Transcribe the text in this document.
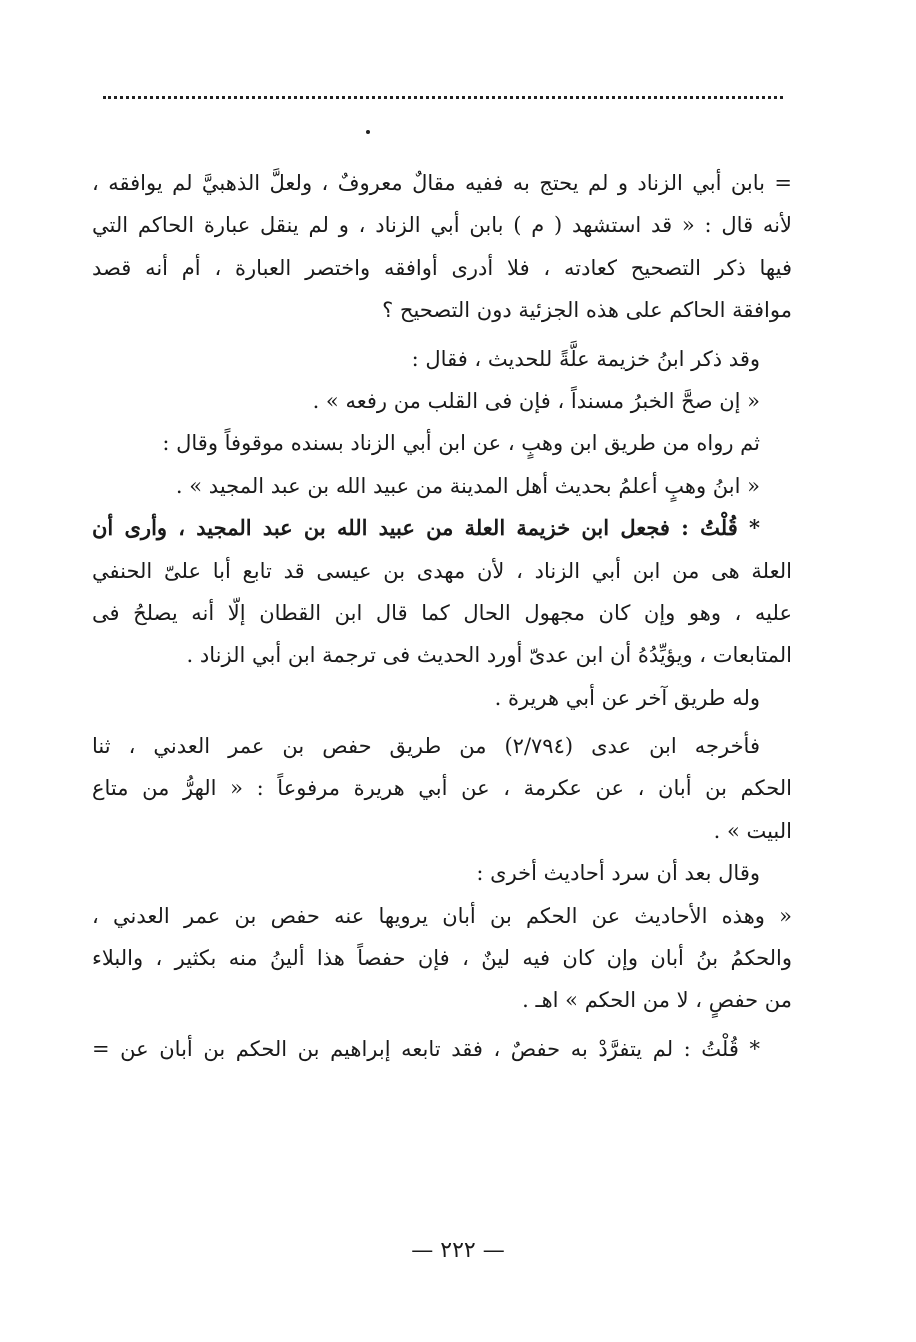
= بابن أبي الزناد و لم يحتج به ففيه مقالٌ معروفٌ ، ولعلَّ الذهبيَّ لم يوافقه ،
لأنه قال : « قد استشهد ( م ) بابن أبي الزناد ، و لم ينقل عبارة الحاكم التي
فيها ذكر التصحيح كعادته ، فلا أدرى أوافقه واختصر العبارة ، أم أنه قصد
موافقة الحاكم على هذه الجزئية دون التصحيح ؟
وقد ذكر ابنُ خزيمة علَّةً للحديث ، فقال :
« إن صحَّ الخبرُ مسنداً ، فإن فى القلب من رفعه » .
ثم رواه من طريق ابن وهبٍ ، عن ابن أبي الزناد بسنده موقوفاً وقال :
« ابنُ وهبٍ أعلمُ بحديث أهل المدينة من عبيد الله بن عبد المجيد » .
* قُلْتُ : فجعل ابن خزيمة العلة من عبيد الله بن عبد المجيد ، وأرى أن
العلة هى من ابن أبي الزناد ، لأن مهدى بن عيسى قد تابع أبا علىّ الحنفي
عليه ، وهو وإن كان مجهول الحال كما قال ابن القطان إلّا أنه يصلحُ فى
المتابعات ، ويؤيِّدُهُ أن ابن عدىّ أورد الحديث فى ترجمة ابن أبي الزناد .
وله طريق آخر عن أبي هريرة .
فأخرجه ابن عدى (٢/٧٩٤) من طريق حفص بن عمر العدني ، ثنا
الحكم بن أبان ، عن عكرمة ، عن أبي هريرة مرفوعاً : « الهرُّ من متاع
البيت » .
وقال بعد أن سرد أحاديث أخرى :
« وهذه الأحاديث عن الحكم بن أبان يرويها عنه حفص بن عمر العدني ،
والحكمُ بنُ أبان وإن كان فيه لينٌ ، فإن حفصاً هذا ألينُ منه بكثير ، والبلاء
من حفصٍ ، لا من الحكم » اهـ .
* قُلْتُ : لم يتفرَّدْ به حفصٌ ، فقد تابعه إبراهيم بن الحكم بن أبان عن =
— ٢٢٢ —
